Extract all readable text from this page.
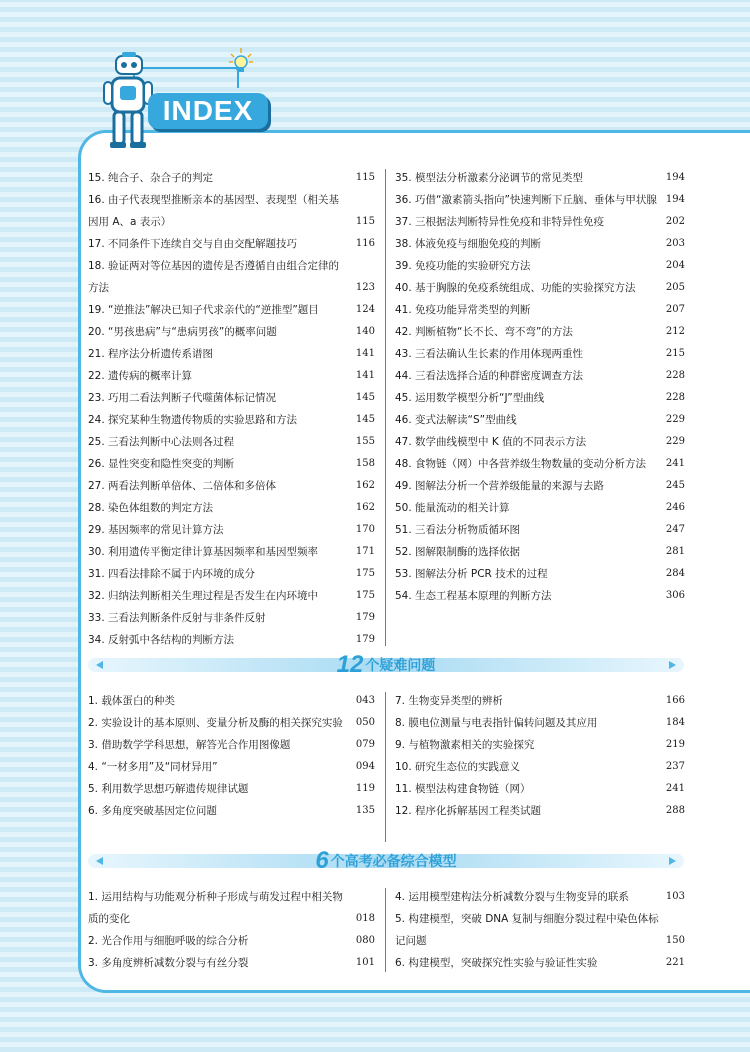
INDEX
15. 纯合子、杂合子的判定	115
16. 由子代表现型推断亲本的基因型、表现型（相关基因用 A、a 表示）	115
17. 不同条件下连续自交与自由交配解题技巧	116
18. 验证两对等位基因的遗传是否遵循自由组合定律的方法	123
19. “逆推法”解决已知子代求亲代的“逆推型”题目	124
20. “男孩患病”与“患病男孩”的概率问题	140
21. 程序法分析遗传系谱图	141
22. 遗传病的概率计算	141
23. 巧用二看法判断子代噬菌体标记情况	145
24. 探究某种生物遗传物质的实验思路和方法	145
25. 三看法判断中心法则各过程	155
26. 显性突变和隐性突变的判断	158
27. 两看法判断单倍体、二倍体和多倍体	162
28. 染色体组数的判定方法	162
29. 基因频率的常见计算方法	170
30. 利用遗传平衡定律计算基因频率和基因型频率	171
31. 四看法排除不属于内环境的成分	175
32. 归纳法判断相关生理过程是否发生在内环境中	175
33. 三看法判断条件反射与非条件反射	179
34. 反射弧中各结构的判断方法	179
35. 模型法分析激素分泌调节的常见类型	194
36. 巧借“激素箭头指向”快速判断下丘脑、垂体与甲状腺 194
37. 三根据法判断特异性免疫和非特异性免疫	202
38. 体液免疫与细胞免疫的判断	203
39. 免疫功能的实验研究方法	204
40. 基于胸腺的免疫系统组成、功能的实验探究方法	205
41. 免疫功能异常类型的判断	207
42. 判断植物“长不长、弯不弯”的方法	212
43. 三看法确认生长素的作用体现两重性	215
44. 三看法选择合适的种群密度调查方法	228
45. 运用数学模型分析“J”型曲线	228
46. 变式法解读“S”型曲线	229
47. 数学曲线模型中 K 值的不同表示方法	229
48. 食物链（网）中各营养级生物数量的变动分析方法	241
49. 图解法分析一个营养级能量的来源与去路	245
50. 能量流动的相关计算	246
51. 三看法分析物质循环图	247
52. 图解限制酶的选择依据	281
53. 图解法分析 PCR 技术的过程	284
54. 生态工程基本原理的判断方法	306
12 个疑难问题
1. 载体蛋白的种类	043
2. 实验设计的基本原则、变量分析及酶的相关探究实验	050
3. 借助数学学科思想，解答光合作用图像题	079
4. “一材多用”及“同材异用”	094
5. 利用数学思想巧解遗传规律试题	119
6. 多角度突破基因定位问题	135
7. 生物变异类型的辨析	166
8. 膜电位测量与电表指针偏转问题及其应用	184
9. 与植物激素相关的实验探究	219
10. 研究生态位的实践意义	237
11. 模型法构建食物链（网）	241
12. 程序化拆解基因工程类试题	288
6 个高考必备综合模型
1. 运用结构与功能观分析种子形成与萌发过程中相关物质的变化	018
2. 光合作用与细胞呼吸的综合分析	080
3. 多角度辨析减数分裂与有丝分裂	101
4. 运用模型建构法分析减数分裂与生物变异的联系	103
5. 构建模型，突破 DNA 复制与细胞分裂过程中染色体标记问题	150
6. 构建模型，突破探究性实验与验证性实验	221
